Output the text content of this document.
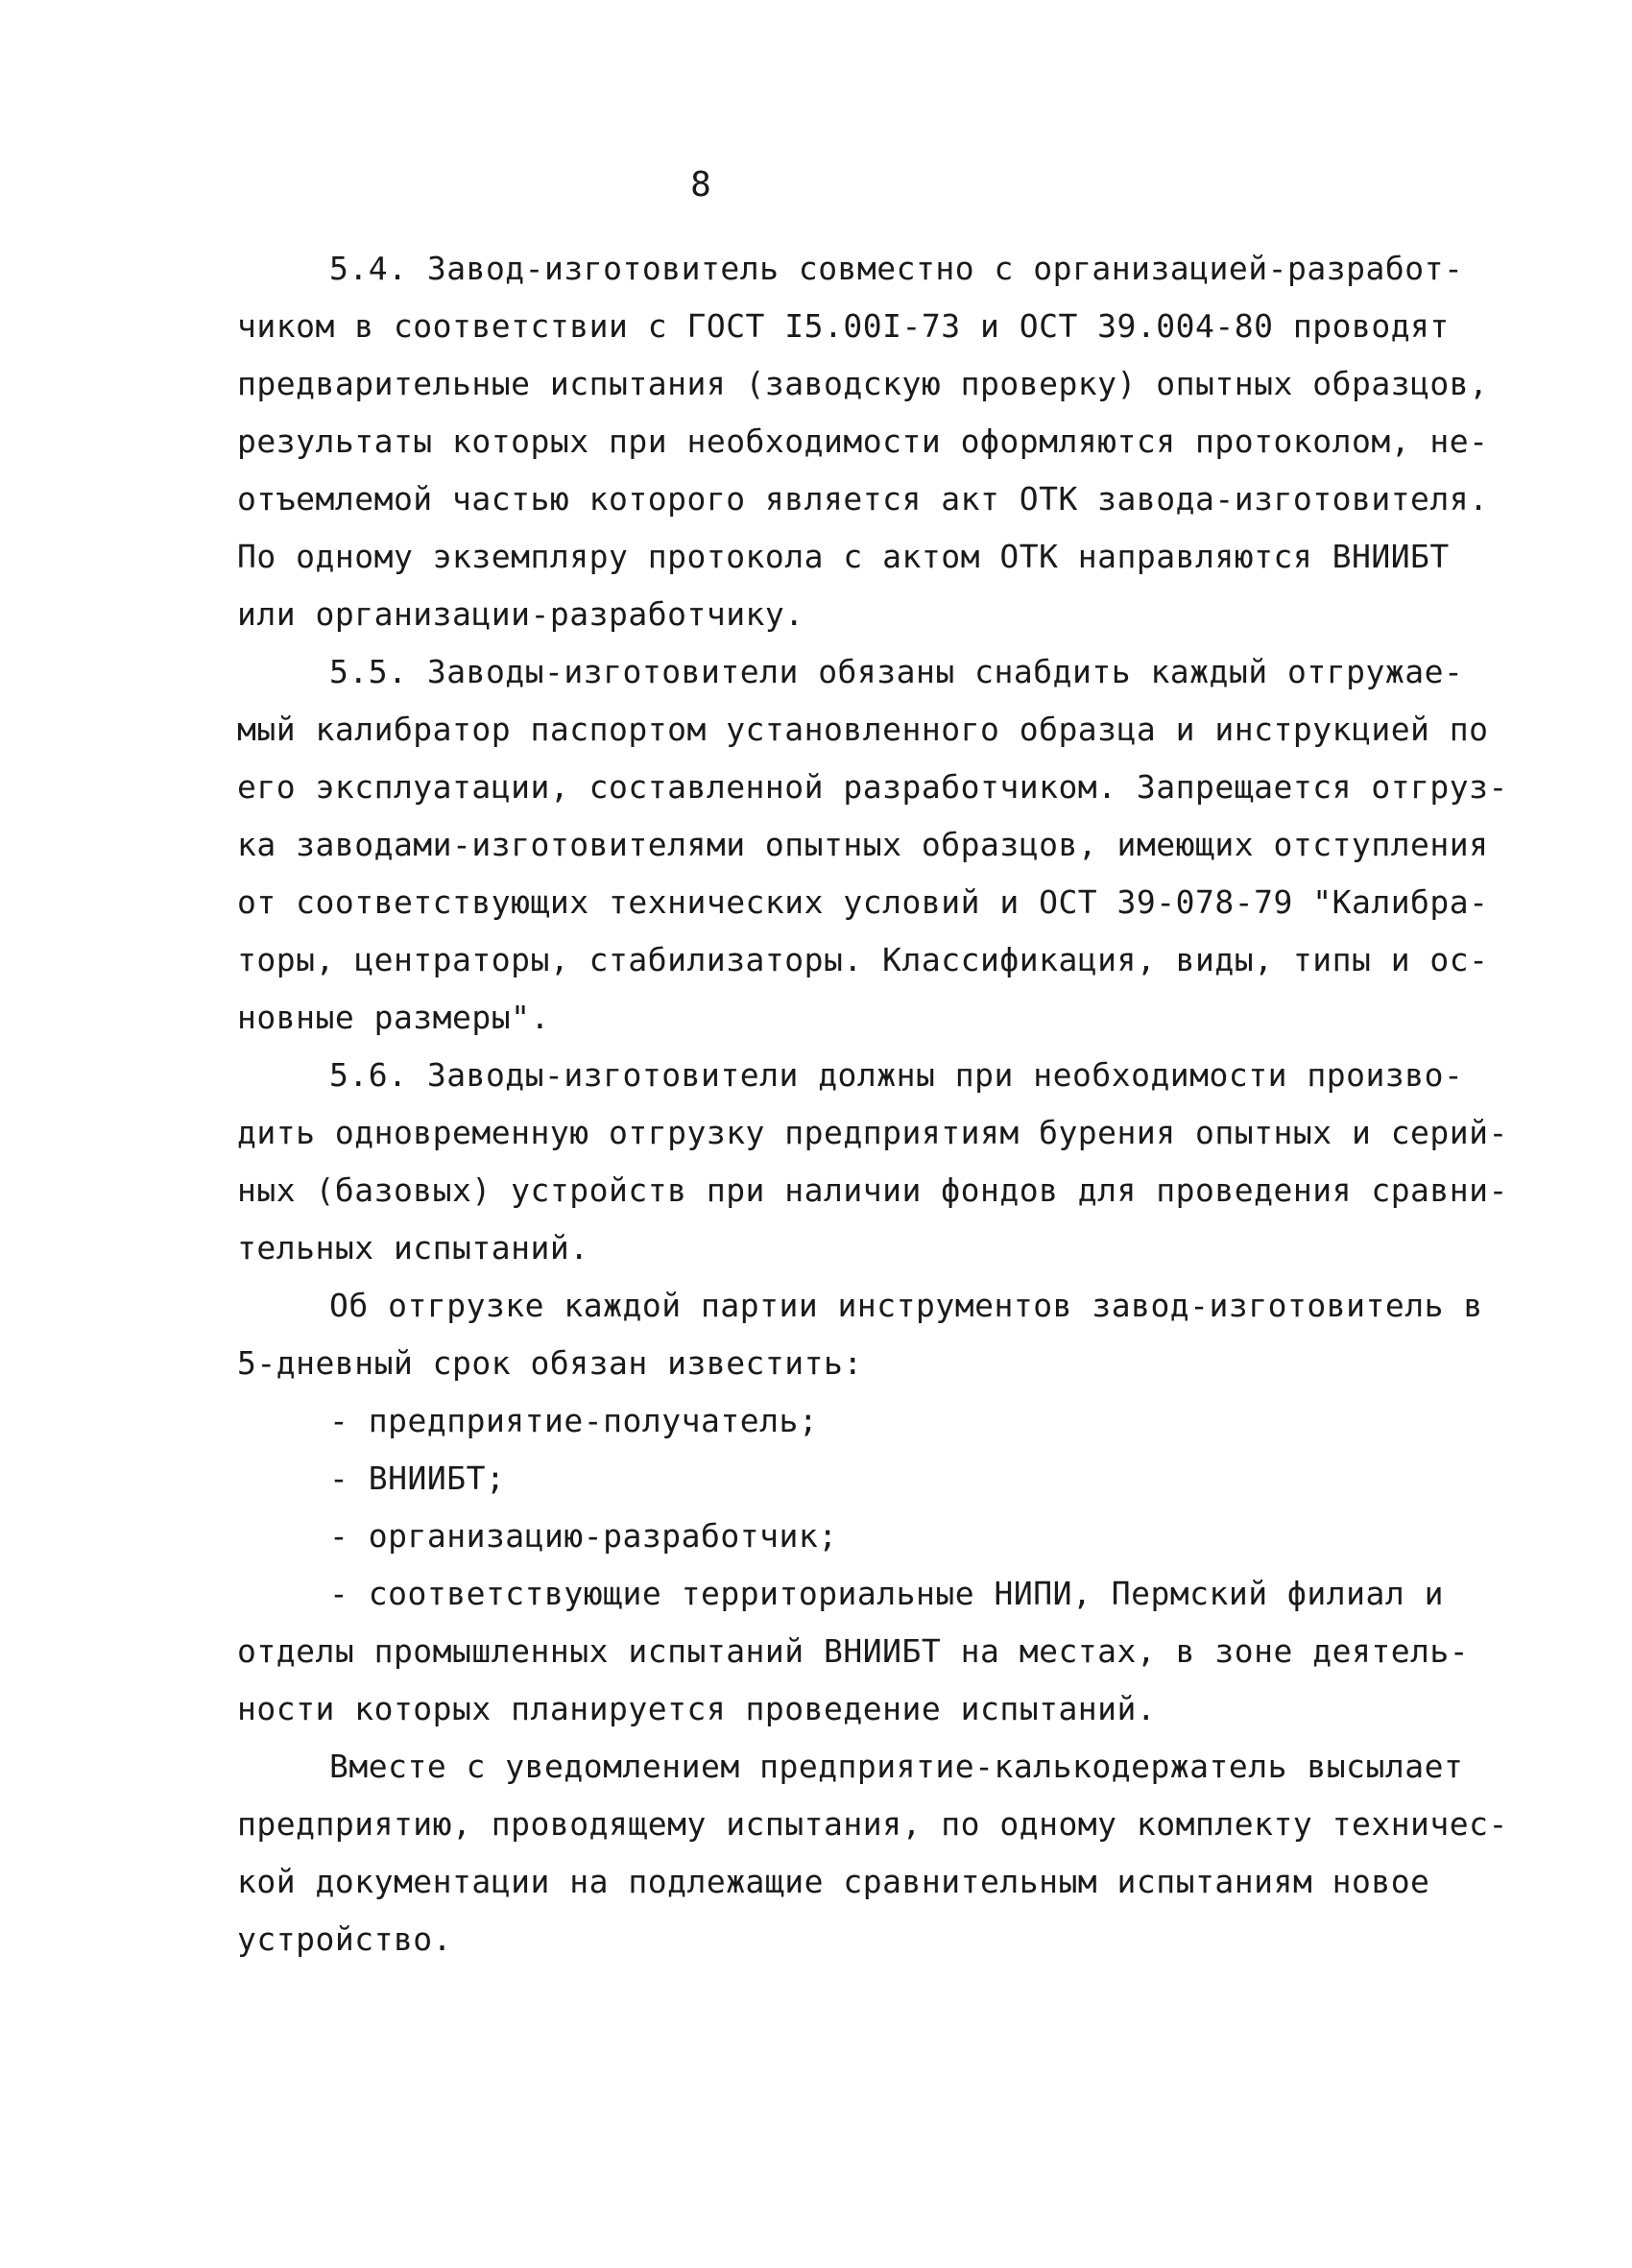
8

5.4. Завод-изготовитель совместно с организацией-разработ-

чиком в соответствии с ГОСТ I5.00I-73 и ОСТ 39.004-80 проводят

предварительные испытания (заводскую проверку) опытных образцов,

результаты которых при необходимости оформляются протоколом, не-

отъемлемой частью которого является акт ОТК завода-изготовителя.

По одному экземпляру протокола с актом ОТК направляются ВНИИБТ

или организации-разработчику.

5.5. Заводы-изготовители обязаны снабдить каждый отгружае-

мый калибратор паспортом установленного образца и инструкцией по

его эксплуатации, составленной разработчиком. Запрещается отгруз-

ка заводами-изготовителями опытных образцов, имеющих отступления

от соответствующих технических условий и ОСТ 39-078-79 "Калибра-

торы, центраторы, стабилизаторы. Классификация, виды, типы и ос-

новные размеры".

5.6. Заводы-изготовители должны при необходимости произво-

дить одновременную отгрузку предприятиям бурения опытных и серий-

ных (базовых) устройств при наличии фондов для проведения сравни-

тельных испытаний.

Об отгрузке каждой партии инструментов завод-изготовитель в

5-дневный срок обязан известить:

- предприятие-получатель;

- ВНИИБТ;

- организацию-разработчик;

- соответствующие территориальные НИПИ, Пермский филиал и

отделы промышленных испытаний ВНИИБТ на местах, в зоне деятель-

ности которых планируется проведение испытаний.

Вместе с уведомлением предприятие-калькодержатель высылает

предприятию, проводящему испытания, по одному комплекту техничес-

кой документации на подлежащие сравнительным испытаниям новое

устройство.
